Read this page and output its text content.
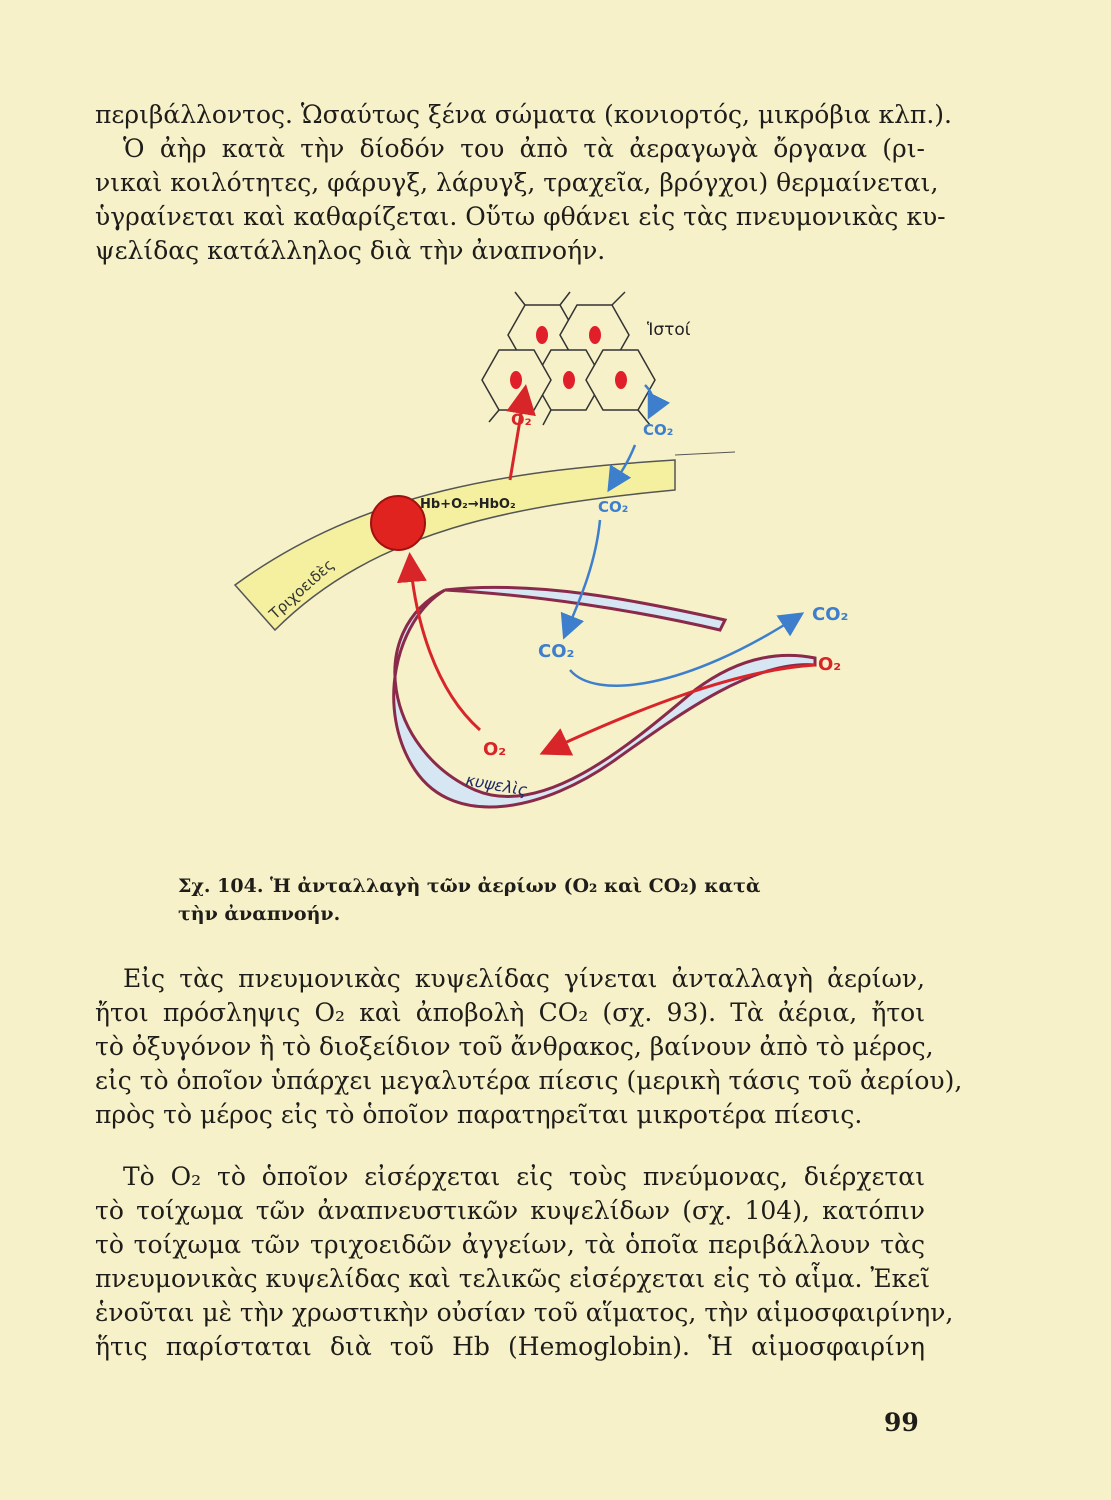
περιβάλλοντος. Ὡσαύτως ξένα σώματα (κονιορτός, μικρόβια κλπ.).
Ὁ ἀὴρ κατὰ τὴν δίοδόν του ἀπὸ τὰ ἀεραγωγὰ ὄργανα (ρι-
νικαὶ κοιλότητες, φάρυγξ, λάρυγξ, τραχεῖα, βρόγχοι) θερμαίνεται,
ὑγραίνεται καὶ καθαρίζεται. Οὕτω φθάνει εἰς τὰς πνευμονικὰς κυ-
ψελίδας κατάλληλος διὰ τὴν ἀναπνοήν.
Ἱστοί
Τριχοειδὲς
Hb+O₂→HbO₂
κυψελὶς
O₂
O₂
O₂
CO₂
CO₂
CO₂
CO₂
Σχ. 104. Ἡ ἀνταλλαγὴ τῶν ἀερίων (O₂ καὶ CO₂) κατὰ
τὴν ἀναπνοήν.
Εἰς τὰς πνευμονικὰς κυψελίδας γίνεται ἀνταλλαγὴ ἀερίων,
ἤτοι πρόσληψις O₂ καὶ ἀποβολὴ CO₂ (σχ. 93). Τὰ ἀέρια, ἤτοι
τὸ ὀξυγόνον ἢ τὸ διοξείδιον τοῦ ἄνθρακος, βαίνουν ἀπὸ τὸ μέρος,
εἰς τὸ ὁποῖον ὑπάρχει μεγαλυτέρα πίεσις (μερικὴ τάσις τοῦ ἀερίου),
πρὸς τὸ μέρος εἰς τὸ ὁποῖον παρατηρεῖται μικροτέρα πίεσις.
Τὸ O₂ τὸ ὁποῖον εἰσέρχεται εἰς τοὺς πνεύμονας, διέρχεται
τὸ τοίχωμα τῶν ἀναπνευστικῶν κυψελίδων (σχ. 104), κατόπιν
τὸ τοίχωμα τῶν τριχοειδῶν ἀγγείων, τὰ ὁποῖα περιβάλλουν τὰς
πνευμονικὰς κυψελίδας καὶ τελικῶς εἰσέρχεται εἰς τὸ αἷμα. Ἐκεῖ
ἑνοῦται μὲ τὴν χρωστικὴν οὐσίαν τοῦ αἵματος, τὴν αἱμοσφαιρίνην,
ἥτις παρίσταται διὰ τοῦ Hb (Hemoglobin). Ἡ αἱμοσφαιρίνη
99
